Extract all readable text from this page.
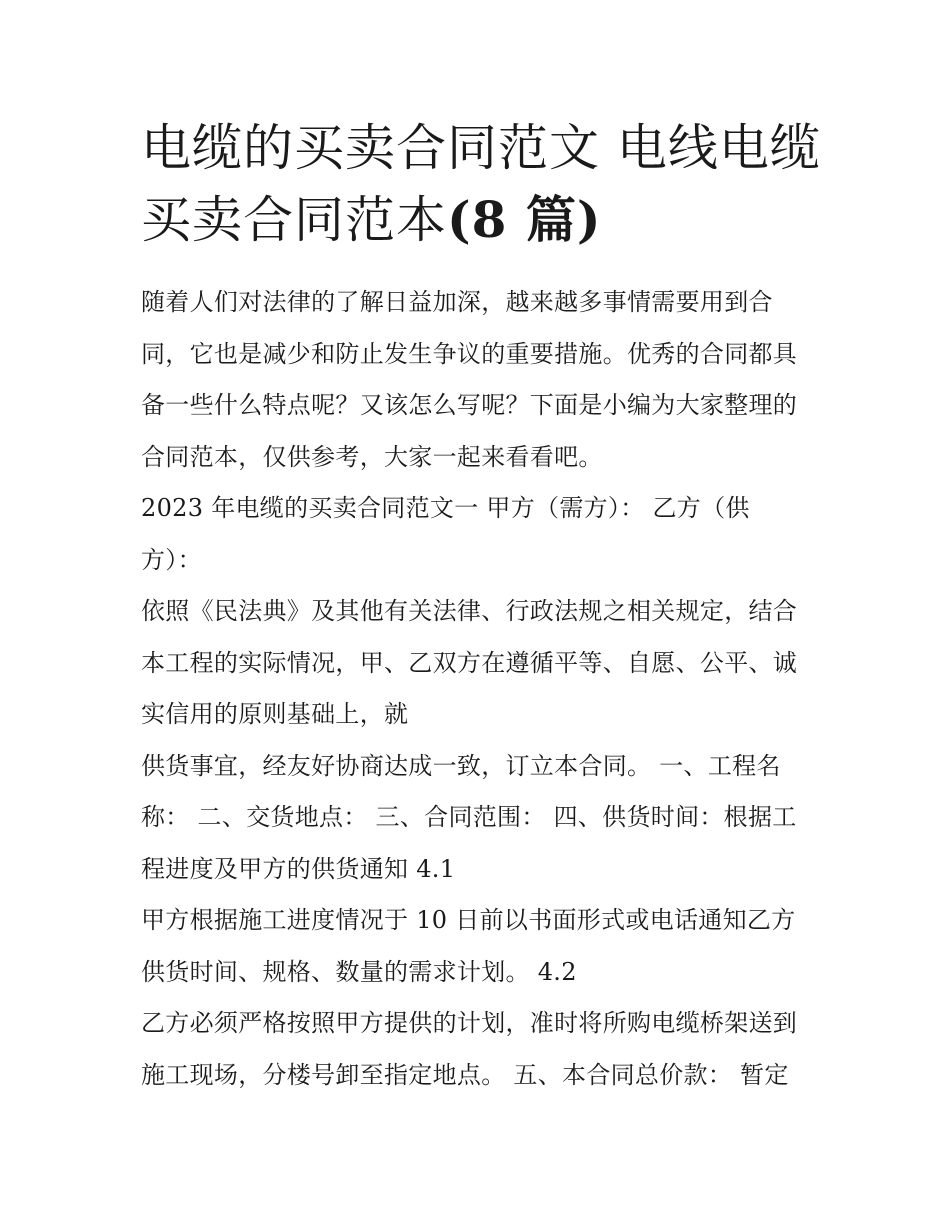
电缆的买卖合同范文 电线电缆
买卖合同范本(8 篇)

随着人们对法律的了解日益加深，越来越多事情需要用到合
同，它也是减少和防止发生争议的重要措施。优秀的合同都具
备一些什么特点呢？又该怎么写呢？下面是小编为大家整理的
合同范本，仅供参考，大家一起来看看吧。

2023 年电缆的买卖合同范文一 甲方（需方）： 乙方（供
方）：

依照《民法典》及其他有关法律、行政法规之相关规定，结合
本工程的实际情况，甲、乙双方在遵循平等、自愿、公平、诚
实信用的原则基础上，就

供货事宜，经友好协商达成一致，订立本合同。 一、工程名
称： 二、交货地点： 三、合同范围： 四、供货时间：根据工
程进度及甲方的供货通知 4.1

甲方根据施工进度情况于 10 日前以书面形式或电话通知乙方
供货时间、规格、数量的需求计划。 4.2

乙方必须严格按照甲方提供的计划，准时将所购电缆桥架送到
施工现场，分楼号卸至指定地点。 五、本合同总价款： 暂定
